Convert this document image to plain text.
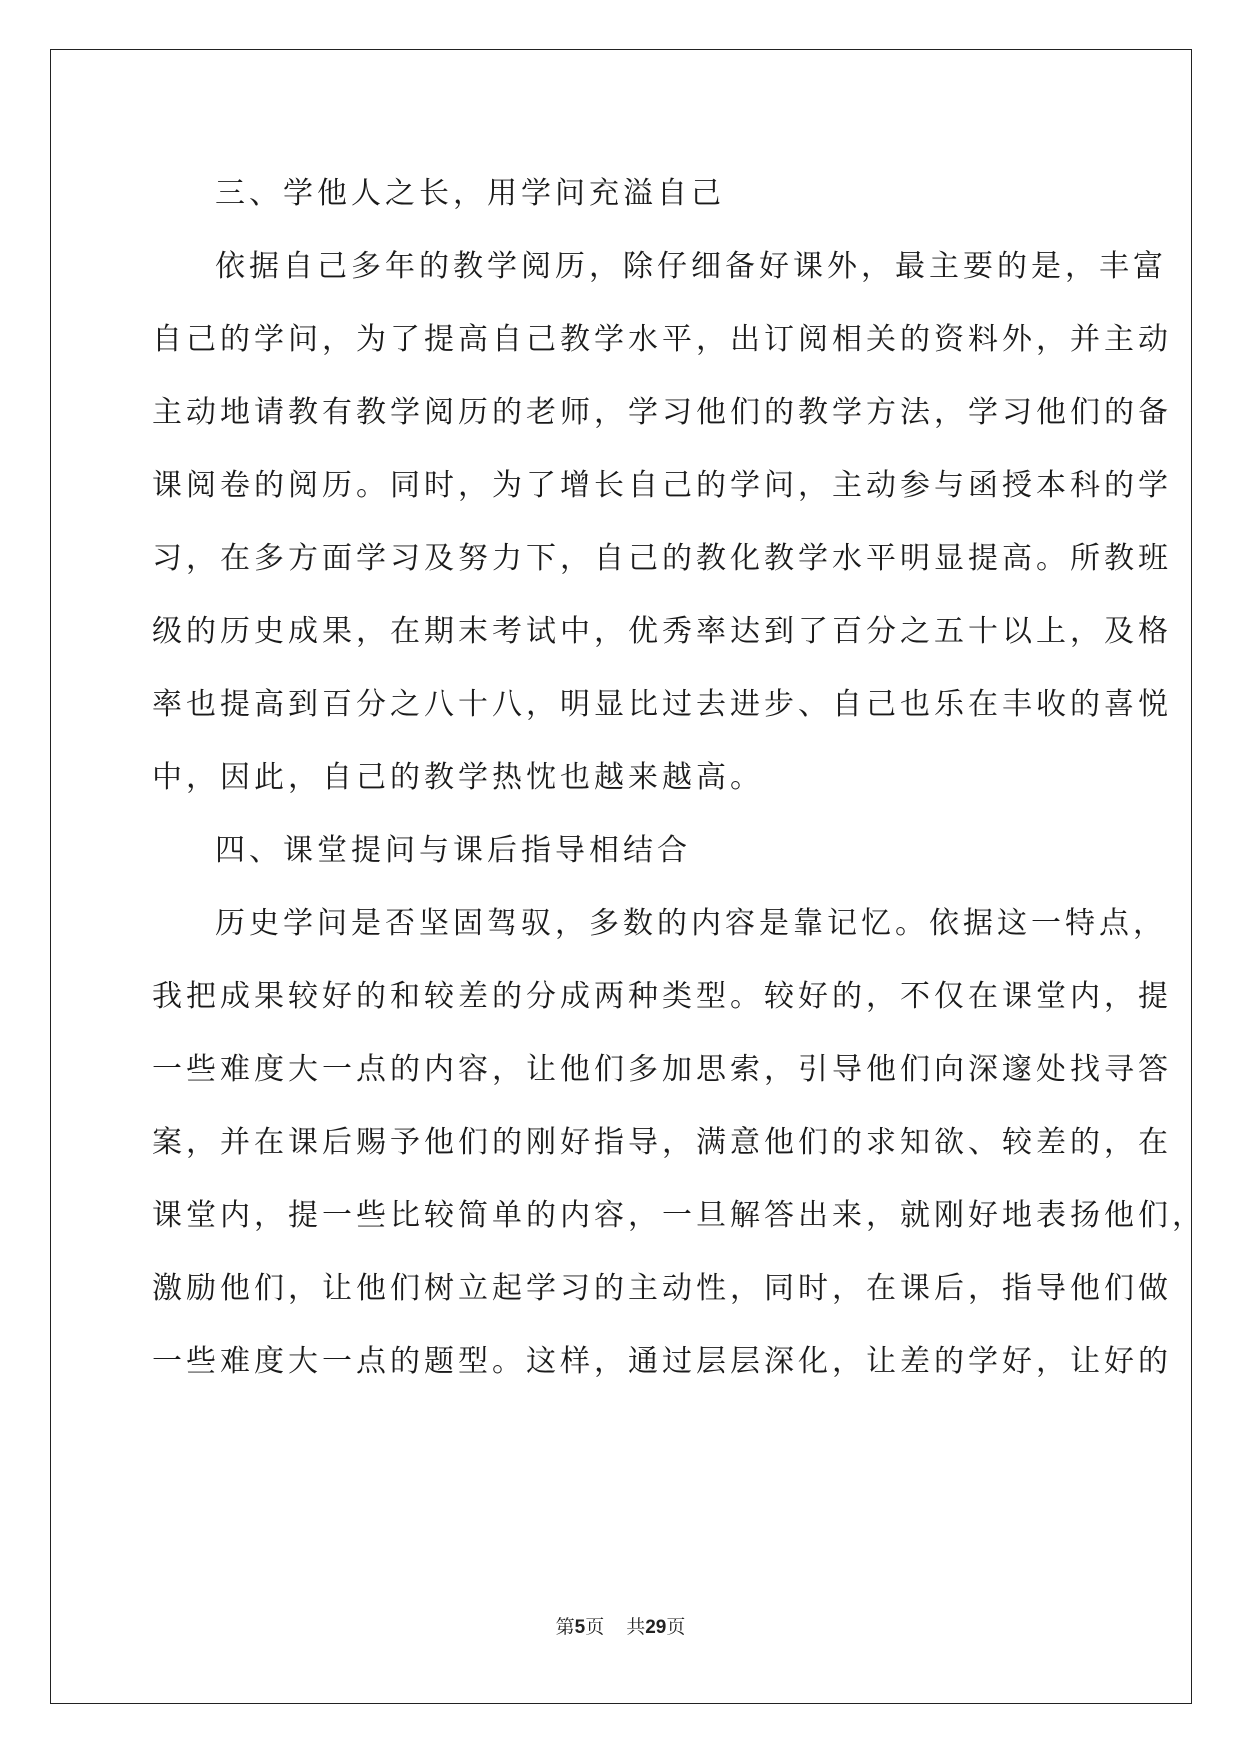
三、学他人之长，用学问充溢自己
依据自己多年的教学阅历，除仔细备好课外，最主要的是，丰富
自己的学问，为了提高自己教学水平，出订阅相关的资料外，并主动
主动地请教有教学阅历的老师，学习他们的教学方法，学习他们的备
课阅卷的阅历。同时，为了增长自己的学问，主动参与函授本科的学
习，在多方面学习及努力下，自己的教化教学水平明显提高。所教班
级的历史成果，在期末考试中，优秀率达到了百分之五十以上，及格
率也提高到百分之八十八，明显比过去进步、自己也乐在丰收的喜悦
中，因此，自己的教学热忱也越来越高。
四、课堂提问与课后指导相结合
历史学问是否坚固驾驭，多数的内容是靠记忆。依据这一特点，
我把成果较好的和较差的分成两种类型。较好的，不仅在课堂内，提
一些难度大一点的内容，让他们多加思索，引导他们向深邃处找寻答
案，并在课后赐予他们的刚好指导，满意他们的求知欲、较差的，在
课堂内，提一些比较简单的内容，一旦解答出来，就刚好地表扬他们，
激励他们，让他们树立起学习的主动性，同时，在课后，指导他们做
一些难度大一点的题型。这样，通过层层深化，让差的学好，让好的
第5页 共29页
